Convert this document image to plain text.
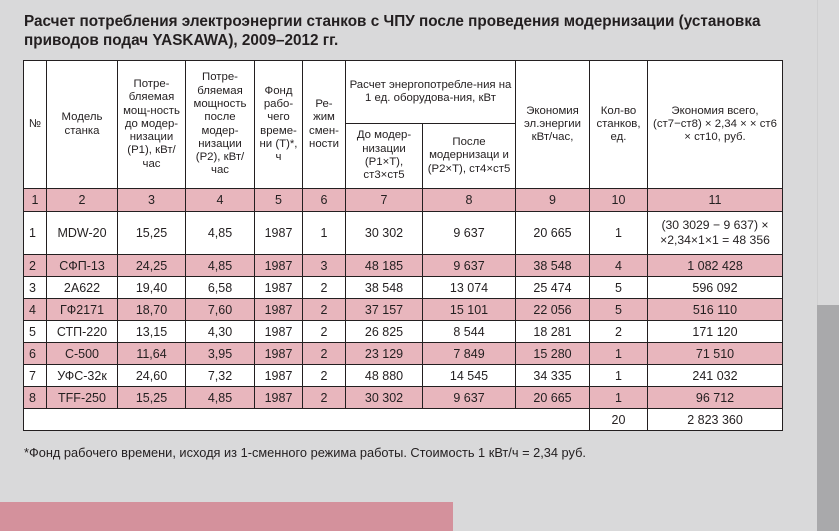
Расчет потребления электроэнергии станков с ЧПУ после проведения модернизации (установка приводов подач YASKAWA), 2009–2012 гг.
№	Модель станка	Потре-бляемая мощ-ность до модер-низации (Р1), кВт/час	Потре-бляемая мощность после модер-низации (Р2), кВт/час	Фонд рабо-чего време-ни (Т)*, ч	Ре-жим смен-ности	Расчет энергопотребле-ния на 1 ед. оборудова-ния, кВт		Экономия эл.энергии кВт/час,	Кол-во станков, ед.	Экономия всего, (ст7−ст8) × 2,34 × × ст6 × ст10, руб.
						До модер-низации (Р1×Т), ст3×ст5	После модернизаци и (Р2×Т), ст4×ст5			
1	2	3	4	5	6	7	8	9	10	11
1	MDW-20	15,25	4,85	1987	1	30 302	9 637	20 665	1	(30 3029 − 9 637) × ×2,34×1×1 = 48 356
2	СФП-13	24,25	4,85	1987	3	48 185	9 637	38 548	4	1 082 428
3	2А622	19,40	6,58	1987	2	38 548	13 074	25 474	5	596 092
4	ГФ2171	18,70	7,60	1987	2	37 157	15 101	22 056	5	516 110
5	СТП-220	13,15	4,30	1987	2	26 825	8 544	18 281	2	171 120
6	С-500	11,64	3,95	1987	2	23 129	7 849	15 280	1	71 510
7	УФС-32к	24,60	7,32	1987	2	48 880	14 545	34 335	1	241 032
8	TFF-250	15,25	4,85	1987	2	30 302	9 637	20 665	1	96 712
									20	2 823 360
*Фонд рабочего времени, исходя из 1-сменного режима работы. Стоимость 1 кВт/ч = 2,34 руб.
